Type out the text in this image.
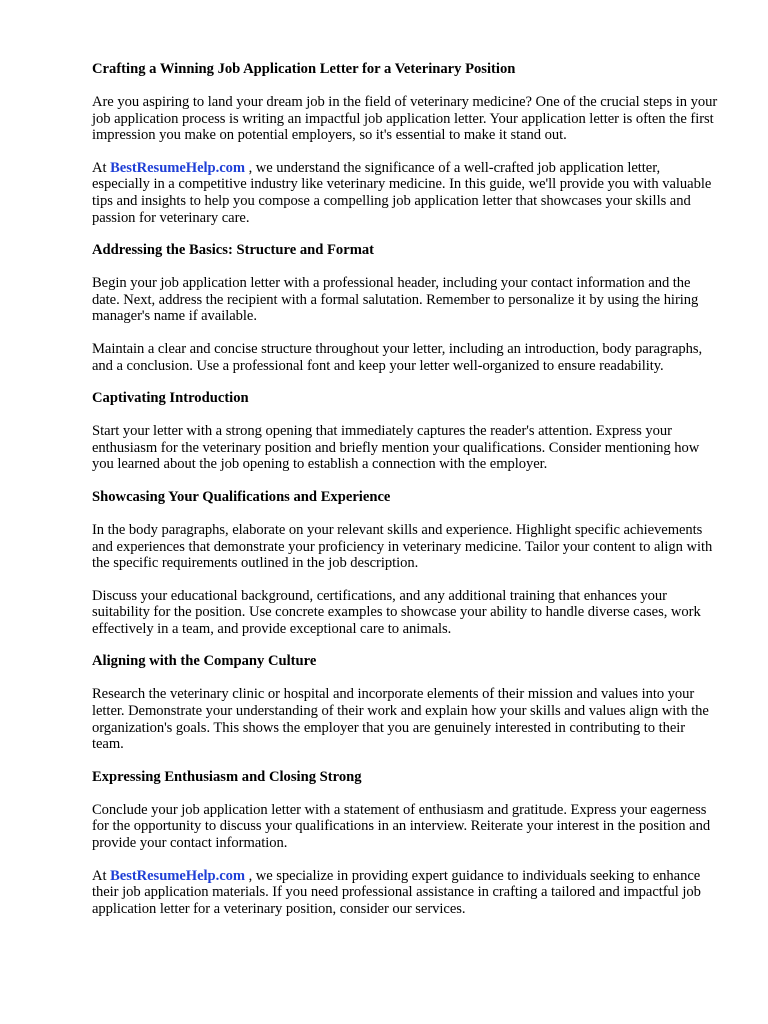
Crafting a Winning Job Application Letter for a Veterinary Position

Are you aspiring to land your dream job in the field of veterinary medicine? One of the crucial steps in your job application process is writing an impactful job application letter. Your application letter is often the first impression you make on potential employers, so it's essential to make it stand out.

At BestResumeHelp.com , we understand the significance of a well-crafted job application letter, especially in a competitive industry like veterinary medicine. In this guide, we'll provide you with valuable tips and insights to help you compose a compelling job application letter that showcases your skills and passion for veterinary care.

Addressing the Basics: Structure and Format

Begin your job application letter with a professional header, including your contact information and the date. Next, address the recipient with a formal salutation. Remember to personalize it by using the hiring manager's name if available.

Maintain a clear and concise structure throughout your letter, including an introduction, body paragraphs, and a conclusion. Use a professional font and keep your letter well-organized to ensure readability.

Captivating Introduction

Start your letter with a strong opening that immediately captures the reader's attention. Express your enthusiasm for the veterinary position and briefly mention your qualifications. Consider mentioning how you learned about the job opening to establish a connection with the employer.

Showcasing Your Qualifications and Experience

In the body paragraphs, elaborate on your relevant skills and experience. Highlight specific achievements and experiences that demonstrate your proficiency in veterinary medicine. Tailor your content to align with the specific requirements outlined in the job description.

Discuss your educational background, certifications, and any additional training that enhances your suitability for the position. Use concrete examples to showcase your ability to handle diverse cases, work effectively in a team, and provide exceptional care to animals.

Aligning with the Company Culture

Research the veterinary clinic or hospital and incorporate elements of their mission and values into your letter. Demonstrate your understanding of their work and explain how your skills and values align with the organization's goals. This shows the employer that you are genuinely interested in contributing to their team.

Expressing Enthusiasm and Closing Strong

Conclude your job application letter with a statement of enthusiasm and gratitude. Express your eagerness for the opportunity to discuss your qualifications in an interview. Reiterate your interest in the position and provide your contact information.

At BestResumeHelp.com , we specialize in providing expert guidance to individuals seeking to enhance their job application materials. If you need professional assistance in crafting a tailored and impactful job application letter for a veterinary position, consider our services.
